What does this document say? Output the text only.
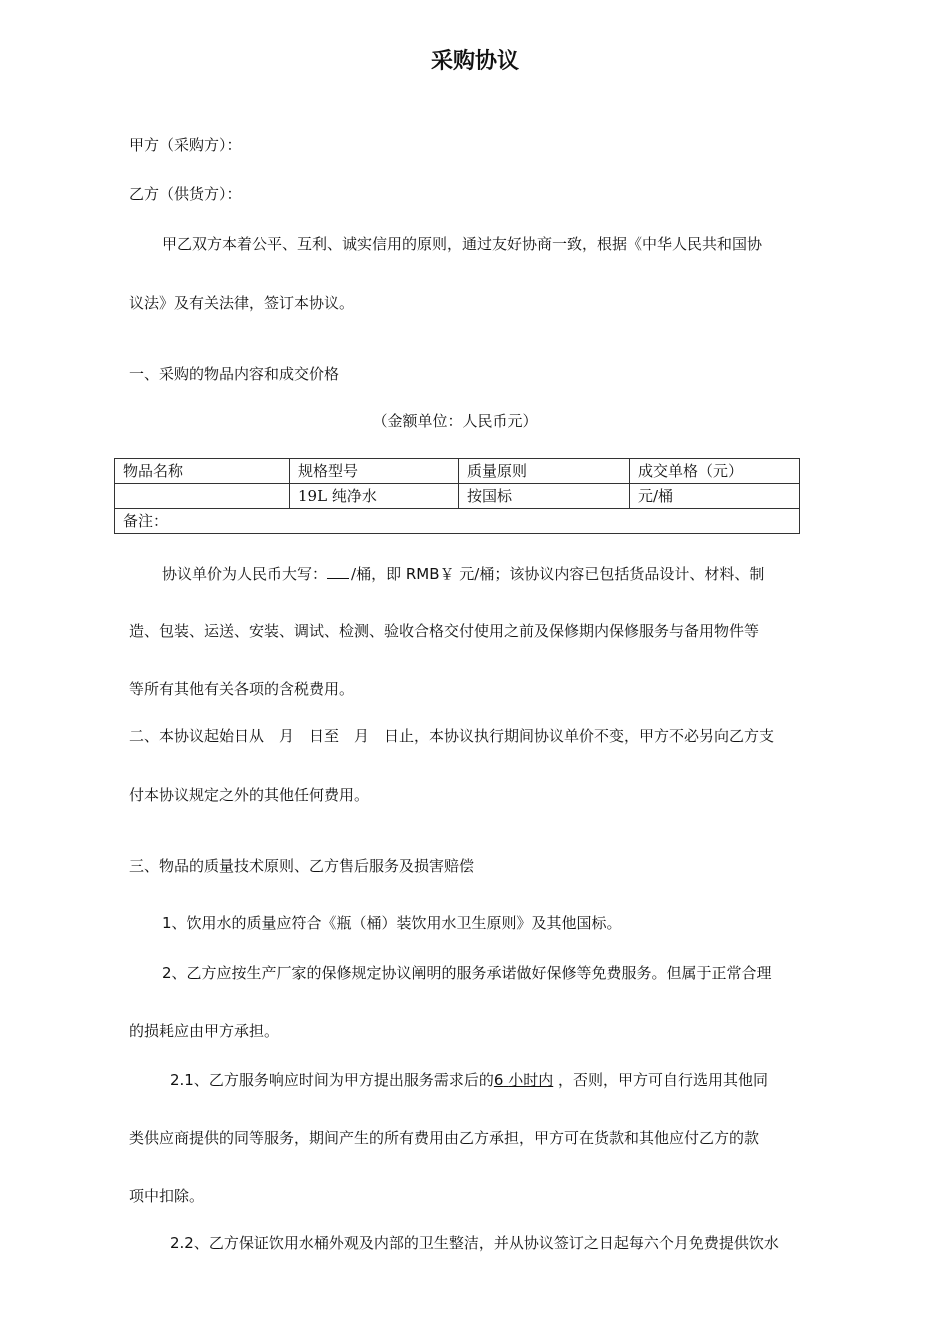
采购协议
甲方（采购方）：
乙方（供货方）：
甲乙双方本着公平、互利、诚实信用的原则，通过友好协商一致，根据《中华人民共和国协
议法》及有关法律，签订本协议。
一、采购的物品内容和成交价格
（金额单位：人民币元）
物品名称	规格型号	质量原则	成交单格（元）
	19L 纯净水	按国标	元/桶
备注：			
协议单价为人民币大写： /桶，即 RMB￥ 元/桶；该协议内容已包括货品设计、材料、制
造、包装、运送、安装、调试、检测、验收合格交付使用之前及保修期内保修服务与备用物件等
等所有其他有关各项的含税费用。
二、本协议起始日从　月　日至　月　日止，本协议执行期间协议单价不变，甲方不必另向乙方支
付本协议规定之外的其他任何费用。
三、物品的质量技术原则、乙方售后服务及损害赔偿
1、饮用水的质量应符合《瓶（桶）装饮用水卫生原则》及其他国标。
2、乙方应按生产厂家的保修规定协议阐明的服务承诺做好保修等免费服务。但属于正常合理
的损耗应由甲方承担。
2.1、乙方服务响应时间为甲方提出服务需求后的6 小时内 ，否则，甲方可自行选用其他同
类供应商提供的同等服务，期间产生的所有费用由乙方承担，甲方可在货款和其他应付乙方的款
项中扣除。
2.2、乙方保证饮用水桶外观及内部的卫生整洁，并从协议签订之日起每六个月免费提供饮水
